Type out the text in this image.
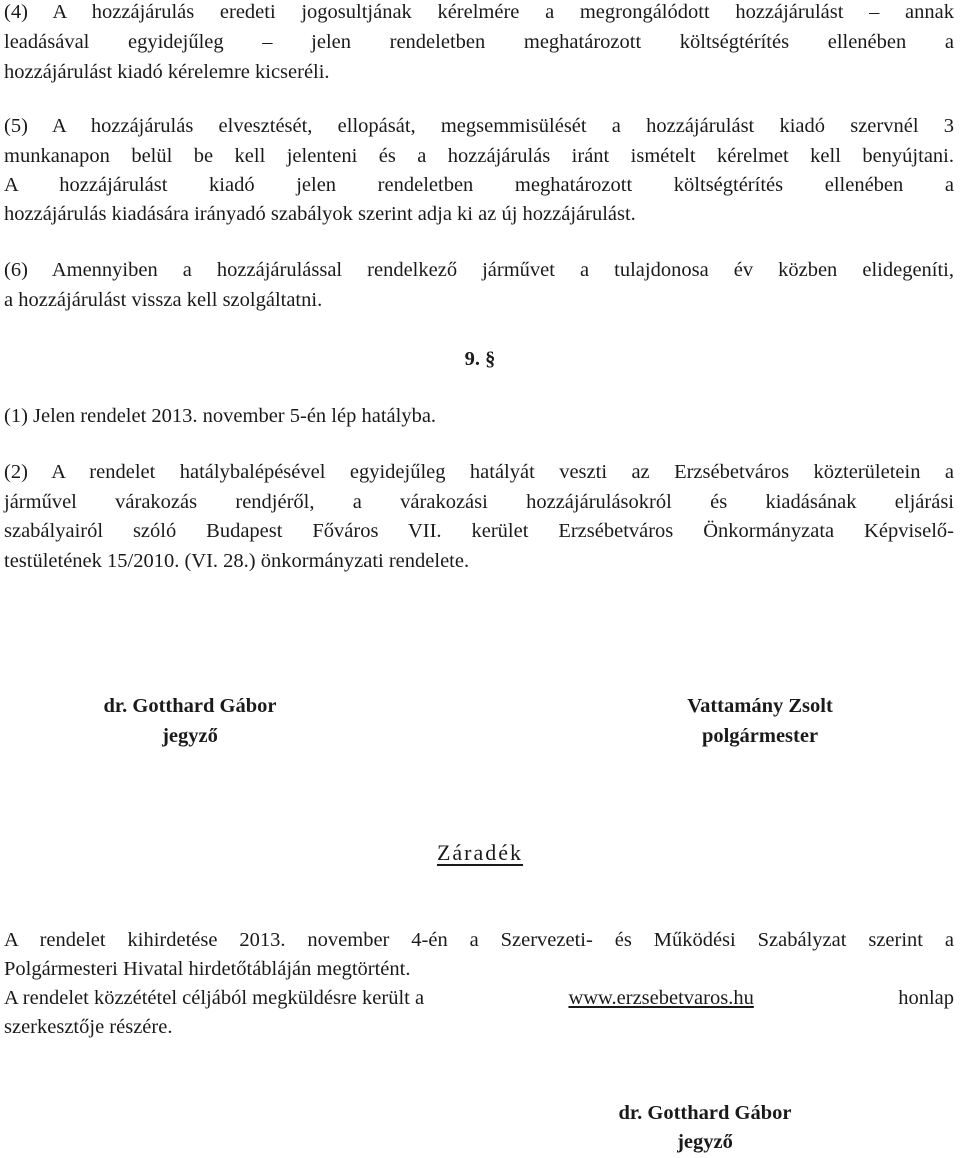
(4) A hozzájárulás eredeti jogosultjának kérelmére a megrongálódott hozzájárulást – annak
leadásával egyidejűleg – jelen rendeletben meghatározott költségtérítés ellenében a
hozzájárulást kiadó kérelemre kicseréli.
(5) A hozzájárulás elvesztését, ellopását, megsemmisülését a hozzájárulást kiadó szervnél 3
munkanapon belül be kell jelenteni és a hozzájárulás iránt ismételt kérelmet kell benyújtani.
A hozzájárulást kiadó jelen rendeletben meghatározott költségtérítés ellenében a
hozzájárulás kiadására irányadó szabályok szerint adja ki az új hozzájárulást.
(6) Amennyiben a hozzájárulással rendelkező járművet a tulajdonosa év közben elidegeníti,
a hozzájárulást vissza kell szolgáltatni.
9. §
(1) Jelen rendelet 2013. november 5-én lép hatályba.
(2) A rendelet hatálybalépésével egyidejűleg hatályát veszti az Erzsébetváros közterületein a
járművel várakozás rendjéről, a várakozási hozzájárulásokról és kiadásának eljárási
szabályairól szóló Budapest Főváros VII. kerület Erzsébetváros Önkormányzata Képviselő-
testületének 15/2010. (VI. 28.) önkormányzati rendelete.
dr. Gotthard Gábor
jegyző
Vattamány Zsolt
polgármester
Záradék
A rendelet kihirdetése 2013. november 4-én a Szervezeti- és Működési Szabályzat szerint a
Polgármesteri Hivatal hirdetőtábláján megtörtént.
A rendelet közzététel céljából megküldésre került a	www.erzsebetvaros.hu	honlap
szerkesztője részére.
dr. Gotthard Gábor
jegyző
